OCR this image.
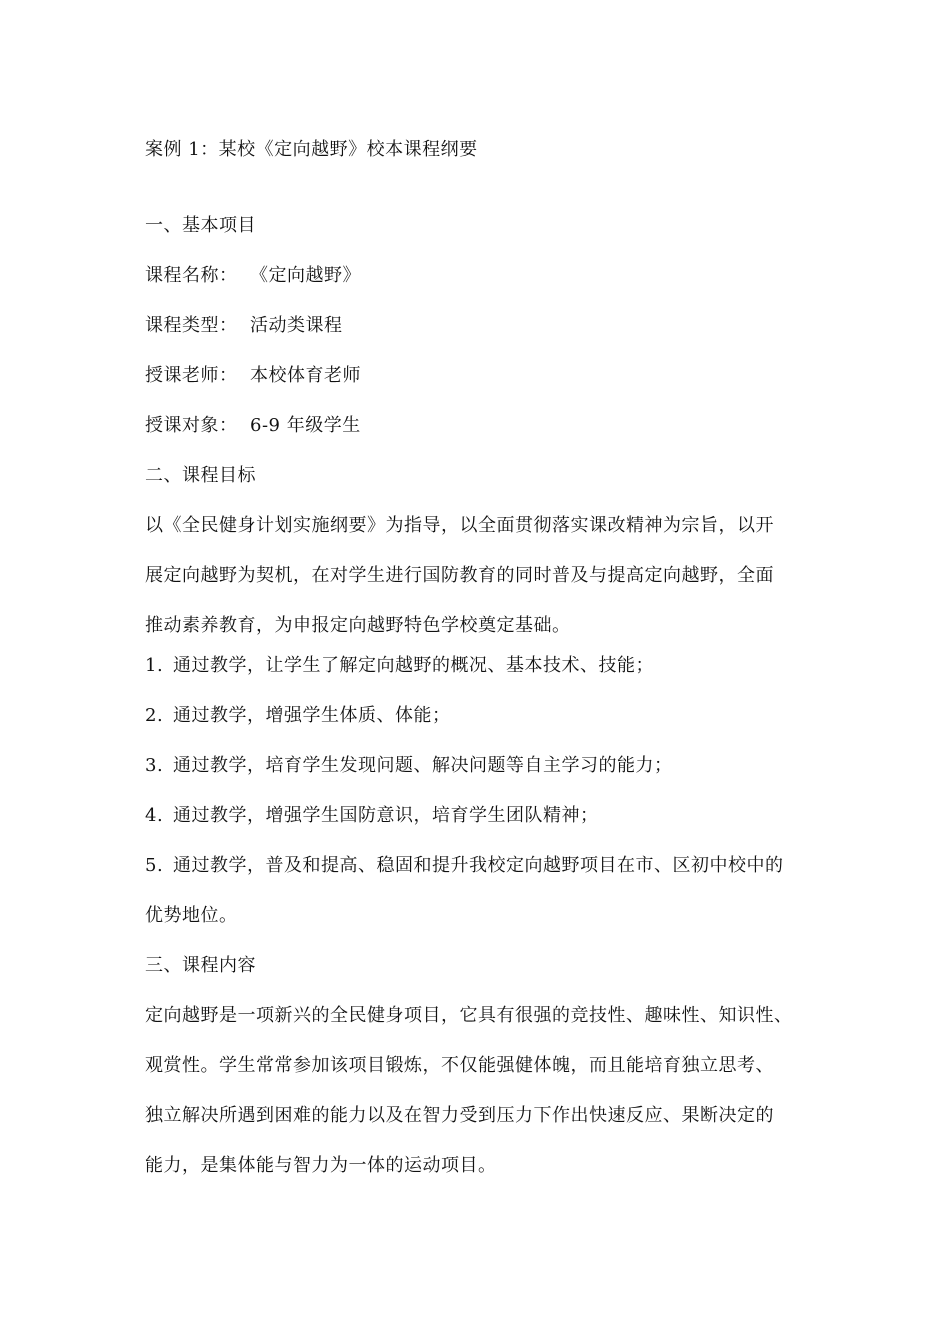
案例 1：某校《定向越野》校本课程纲要
一、基本项目
课程名称： 《定向越野》
课程类型： 活动类课程
授课老师： 本校体育老师
授课对象： 6-9 年级学生
二、课程目标
以《全民健身计划实施纲要》为指导，以全面贯彻落实课改精神为宗旨，以开
展定向越野为契机，在对学生进行国防教育的同时普及与提高定向越野，全面
推动素养教育，为申报定向越野特色学校奠定基础。
1. 通过教学，让学生了解定向越野的概况、基本技术、技能；
2. 通过教学，增强学生体质、体能；
3. 通过教学，培育学生发现问题、解决问题等自主学习的能力；
4. 通过教学，增强学生国防意识，培育学生团队精神；
5. 通过教学，普及和提高、稳固和提升我校定向越野项目在市、区初中校中的
优势地位。
三、课程内容
定向越野是一项新兴的全民健身项目，它具有很强的竞技性、趣味性、知识性、
观赏性。学生常常参加该项目锻炼，不仅能强健体魄，而且能培育独立思考、
独立解决所遇到困难的能力以及在智力受到压力下作出快速反应、果断决定的
能力，是集体能与智力为一体的运动项目。
